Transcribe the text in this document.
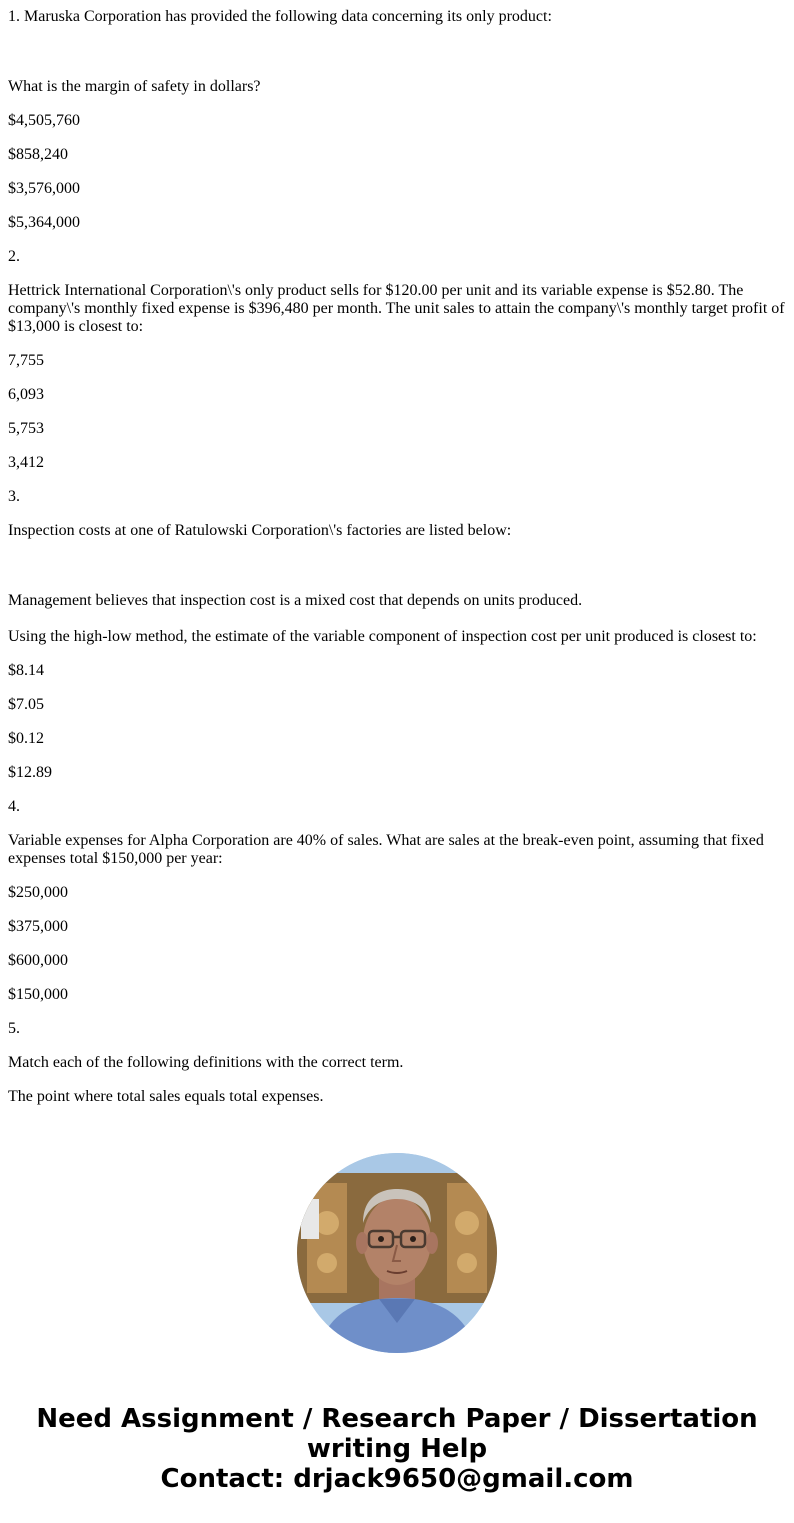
1. Maruska Corporation has provided the following data concerning its only product:

What is the margin of safety in dollars?

$4,505,760

$858,240

$3,576,000

$5,364,000

2.

Hettrick International Corporation\'s only product sells for $120.00 per unit and its variable expense is $52.80. The company\'s monthly fixed expense is $396,480 per month. The unit sales to attain the company\'s monthly target profit of $13,000 is closest to:

7,755

6,093

5,753

3,412

3.

Inspection costs at one of Ratulowski Corporation\'s factories are listed below:

Management believes that inspection cost is a mixed cost that depends on units produced.

Using the high-low method, the estimate of the variable component of inspection cost per unit produced is closest to:

$8.14

$7.05

$0.12

$12.89

4.

Variable expenses for Alpha Corporation are 40% of sales. What are sales at the break-even point, assuming that fixed expenses total $150,000 per year:

$250,000

$375,000

$600,000

$150,000

5.

Match each of the following definitions with the correct term.

The point where total sales equals total expenses.

Need Assignment / Research Paper / Dissertation
writing Help
Contact: drjack9650@gmail.com
